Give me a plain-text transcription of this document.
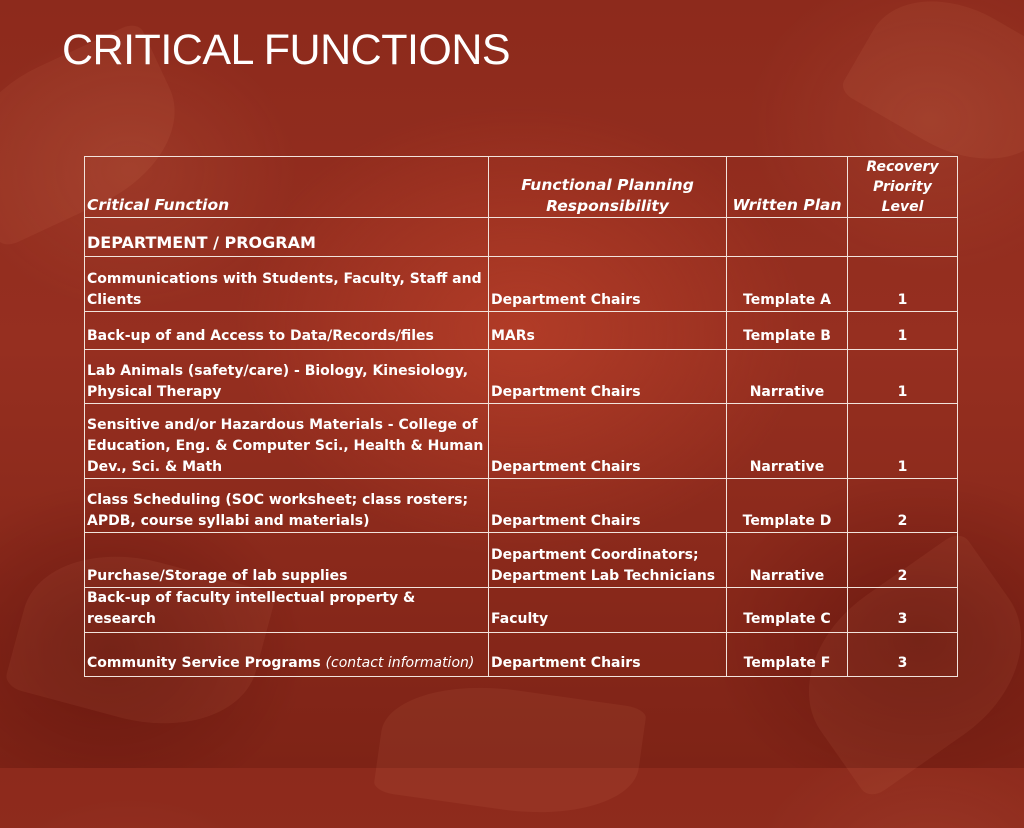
CRITICAL FUNCTIONS
Critical Function	Functional Planning Responsibility	Written Plan	Recovery Priority Level
DEPARTMENT / PROGRAM			
Communications with Students, Faculty, Staff and Clients	Department Chairs	Template A	1
Back-up of and Access to Data/Records/files	MARs	Template B	1
Lab Animals (safety/care) - Biology, Kinesiology, Physical Therapy	Department Chairs	Narrative	1
Sensitive and/or Hazardous Materials - College of Education, Eng. & Computer Sci., Health & Human Dev., Sci. & Math	Department Chairs	Narrative	1
Class Scheduling (SOC worksheet; class rosters; APDB, course syllabi and materials)	Department Chairs	Template D	2
Purchase/Storage of lab supplies	Department Coordinators; Department Lab Technicians	Narrative	2
Back-up of faculty intellectual property & research	Faculty	Template C	3
Community Service Programs (contact information)	Department Chairs	Template F	3
